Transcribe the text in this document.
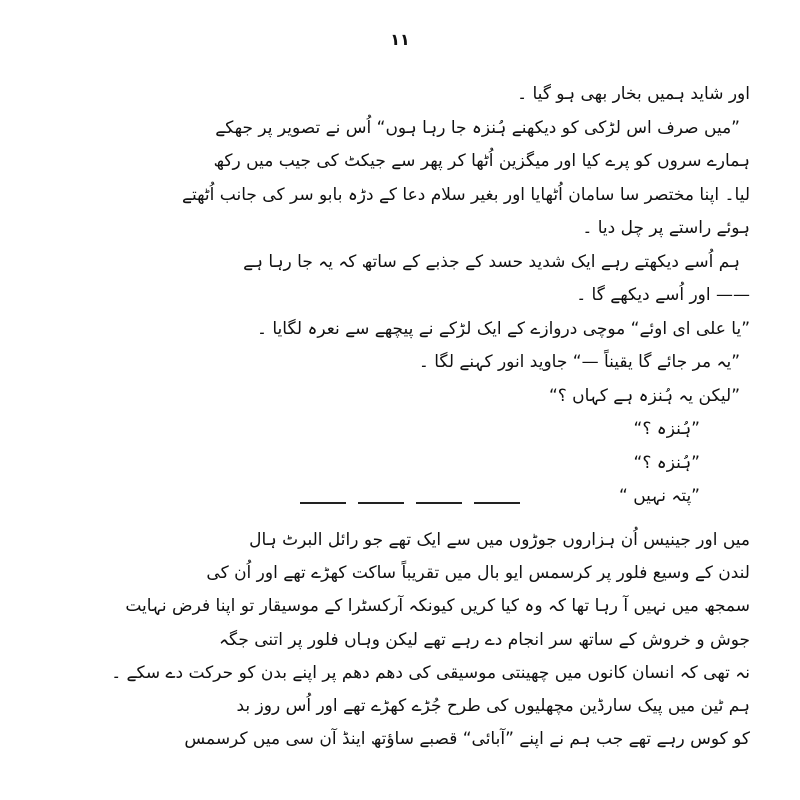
۱۱
اور شاید ہمیں بخار بھی ہو گیا ۔
”میں صرف اس لڑکی کو دیکھنے ہُنزہ جا رہا ہوں“ اُس نے تصویر پر جھکے
ہمارے سروں کو پرے کیا اور میگزین اُٹھا کر پھر سے جیکٹ کی جیب میں رکھ
لیا۔ اپنا مختصر سا سامان اُٹھایا اور بغیر سلام دعا کے دڑہ بابو سر کی جانب اُٹھتے
ہوئے راستے پر چل دیا ۔
ہم اُسے دیکھتے رہے ایک شدید حسد کے جذبے کے ساتھ کہ یہ جا رہا ہے
—— اور اُسے دیکھے گا ۔
”یا علی ای اوئے“ موچی دروازے کے ایک لڑکے نے پیچھے سے نعرہ لگایا ۔
”یہ مر جائے گا یقیناً —“ جاوید انور کہنے لگا ۔
”لیکن یہ ہُنزہ ہے کہاں ؟“
”ہُنزہ ؟“
”ہُنزہ ؟“
”پتہ نہیں “
میں اور جینیس اُن ہزاروں جوڑوں میں سے ایک تھے جو رائل البرٹ ہال
لندن کے وسیع فلور پر کرسمس ایو بال میں تقریباً ساکت کھڑے تھے اور اُن کی
سمجھ میں نہیں آ رہا تھا کہ وہ کیا کریں کیونکہ آرکسٹرا کے موسیقار تو اپنا فرض نہایت
جوش و خروش کے ساتھ سر انجام دے رہے تھے لیکن وہاں فلور پر اتنی جگہ
نہ تھی کہ انسان کانوں میں چھینتی موسیقی کی دھم دھم پر اپنے بدن کو حرکت دے سکے ۔
ہم ٹین میں پیک سارڈین مچھلیوں کی طرح جُڑے کھڑے تھے اور اُس روز بد
کو کوس رہے تھے جب ہم نے اپنے ”آبائی“ قصبے ساؤتھ اینڈ آن سی میں کرسمس
